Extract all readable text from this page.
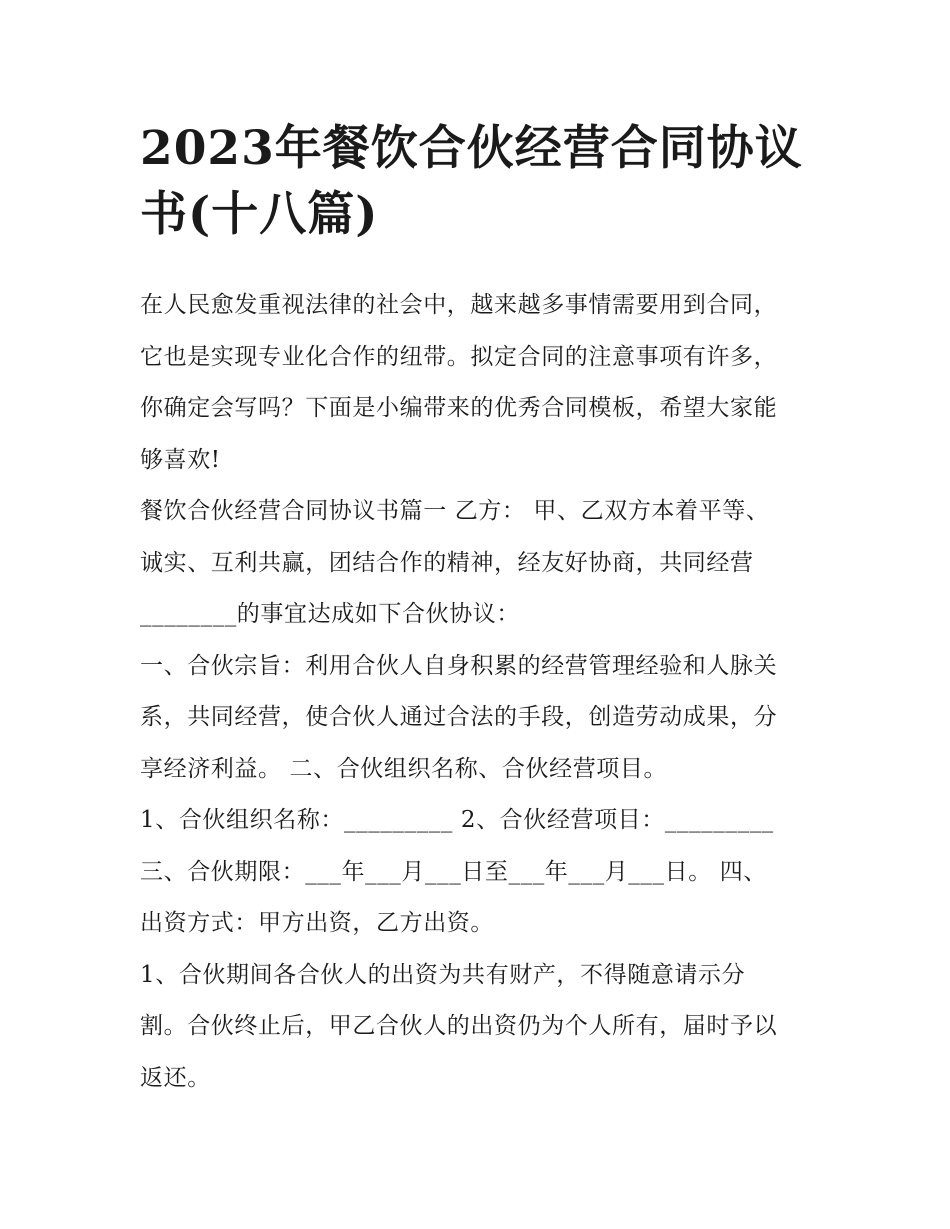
2023年餐饮合伙经营合同协议
书(十八篇)

在人民愈发重视法律的社会中，越来越多事情需要用到合同，

它也是实现专业化合作的纽带。拟定合同的注意事项有许多，

你确定会写吗？下面是小编带来的优秀合同模板，希望大家能

够喜欢!

餐饮合伙经营合同协议书篇一 乙方： 甲、乙双方本着平等、

诚实、互利共赢，团结合作的精神，经友好协商，共同经营

________的事宜达成如下合伙协议：

一、合伙宗旨：利用合伙人自身积累的经营管理经验和人脉关

系，共同经营，使合伙人通过合法的手段，创造劳动成果，分

享经济利益。 二、合伙组织名称、合伙经营项目。

1、合伙组织名称：_________ 2、合伙经营项目：_________

三、合伙期限：___年___月___日至___年___月___日。 四、

出资方式：甲方出资，乙方出资。

1、合伙期间各合伙人的出资为共有财产，不得随意请示分

割。合伙终止后，甲乙合伙人的出资仍为个人所有，届时予以

返还。
